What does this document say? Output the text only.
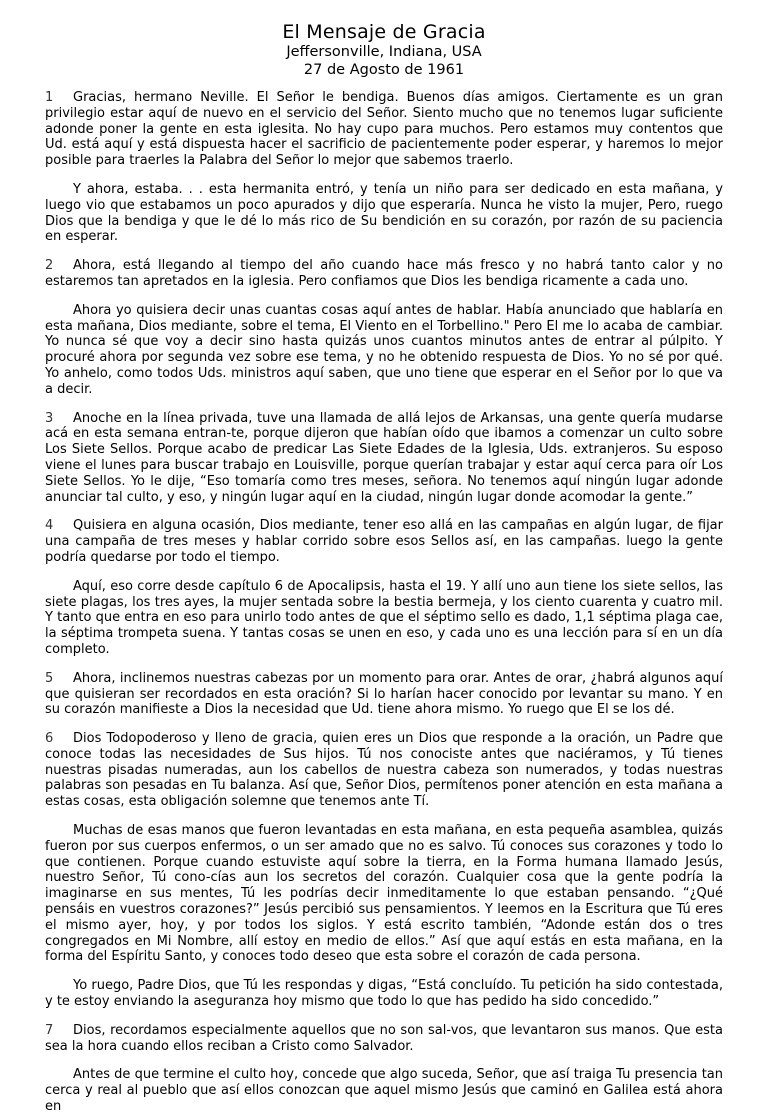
El Mensaje de Gracia
Jeffersonville, Indiana, USA
27 de Agosto de 1961

1 Gracias, hermano Neville. El Señor le bendiga. Buenos días amigos. Ciertamente es un gran privilegio estar aquí de nuevo en el servicio del Señor. Siento mucho que no tenemos lugar suficiente adonde poner la gente en esta iglesita. No hay cupo para muchos. Pero estamos muy contentos que Ud. está aquí y está dispuesta hacer el sacrificio de pacientemente poder esperar, y haremos lo mejor posible para traerles la Palabra del Señor lo mejor que sabemos traerlo.

Y ahora, estaba. . . esta hermanita entró, y tenía un niño para ser dedicado en esta mañana, y luego vio que estabamos un poco apurados y dijo que esperaría. Nunca he visto la mujer, Pero, ruego Dios que la bendiga y que le dé lo más rico de Su bendición en su corazón, por razón de su paciencia en esperar.

2 Ahora, está llegando al tiempo del año cuando hace más fresco y no habrá tanto calor y no estaremos tan apretados en la iglesia. Pero confiamos que Dios les bendiga ricamente a cada uno.

Ahora yo quisiera decir unas cuantas cosas aquí antes de hablar. Había anunciado que hablaría en esta mañana, Dios mediante, sobre el tema, El Viento en el Torbellino." Pero El me lo acaba de cambiar. Yo nunca sé que voy a decir sino hasta quizás unos cuantos minutos antes de entrar al púlpito. Y procuré ahora por segunda vez sobre ese tema, y no he obtenido respuesta de Dios. Yo no sé por qué. Yo anhelo, como todos Uds. ministros aquí saben, que uno tiene que esperar en el Señor por lo que va a decir.

3 Anoche en la línea privada, tuve una llamada de allá lejos de Arkansas, una gente quería mudarse acá en esta semana entran-te, porque dijeron que habían oído que ibamos a comenzar un culto sobre Los Siete Sellos. Porque acabo de predicar Las Siete Edades de la Iglesia, Uds. extranjeros. Su esposo viene el lunes para buscar trabajo en Louisville, porque querían trabajar y estar aquí cerca para oír Los Siete Sellos. Yo le dije, “Eso tomaría como tres meses, señora. No tenemos aquí ningún lugar adonde anunciar tal culto, y eso, y ningún lugar aquí en la ciudad, ningún lugar donde acomodar la gente.”

4 Quisiera en alguna ocasión, Dios mediante, tener eso allá en las campañas en algún lugar, de fijar una campaña de tres meses y hablar corrido sobre esos Sellos así, en las campañas. luego la gente podría quedarse por todo el tiempo.

Aquí, eso corre desde capítulo 6 de Apocalipsis, hasta el 19. Y allí uno aun tiene los siete sellos, las siete plagas, los tres ayes, la mujer sentada sobre la bestia bermeja, y los ciento cuarenta y cuatro mil. Y tanto que entra en eso para unirlo todo antes de que el séptimo sello es dado, 1,1 séptima plaga cae, la séptima trompeta suena. Y tantas cosas se unen en eso, y cada uno es una lección para sí en un día completo.

5 Ahora, inclinemos nuestras cabezas por un momento para orar. Antes de orar, ¿habrá algunos aquí que quisieran ser recordados en esta oración? Si lo harían hacer conocido por levantar su mano. Y en su corazón manifieste a Dios la necesidad que Ud. tiene ahora mismo. Yo ruego que El se los dé.

6 Dios Todopoderoso y lleno de gracia, quien eres un Dios que responde a la oración, un Padre que conoce todas las necesidades de Sus hijos. Tú nos conociste antes que naciéramos, y Tú tienes nuestras pisadas numeradas, aun los cabellos de nuestra cabeza son numerados, y todas nuestras palabras son pesadas en Tu balanza. Así que, Señor Dios, permítenos poner atención en esta mañana a estas cosas, esta obligación solemne que tenemos ante Tí.

Muchas de esas manos que fueron levantadas en esta mañana, en esta pequeña asamblea, quizás fueron por sus cuerpos enfermos, o un ser amado que no es salvo. Tú conoces sus corazones y todo lo que contienen. Porque cuando estuviste aquí sobre la tierra, en la Forma humana llamado Jesús, nuestro Señor, Tú cono-cías aun los secretos del corazón. Cualquier cosa que la gente podría la imaginarse en sus mentes, Tú les podrías decir inmeditamente lo que estaban pensando. “¿Qué pensáis en vuestros corazones?” Jesús percibió sus pensamientos. Y leemos en la Escritura que Tú eres el mismo ayer, hoy, y por todos los siglos. Y está escrito también, “Adonde están dos o tres congregados en Mi Nombre, allí estoy en medio de ellos.” Así que aquí estás en esta mañana, en la forma del Espíritu Santo, y conoces todo deseo que esta sobre el corazón de cada persona.

Yo ruego, Padre Dios, que Tú les respondas y digas, “Está concluído. Tu petición ha sido contestada, y te estoy enviando la aseguranza hoy mismo que todo lo que has pedido ha sido concedido.”

7 Dios, recordamos especialmente aquellos que no son sal-vos, que levantaron sus manos. Que esta sea la hora cuando ellos reciban a Cristo como Salvador.

Antes de que termine el culto hoy, concede que algo suceda, Señor, que así traiga Tu presencia tan cerca y real al pueblo que así ellos conozcan que aquel mismo Jesús que caminó en Galilea está ahora en
